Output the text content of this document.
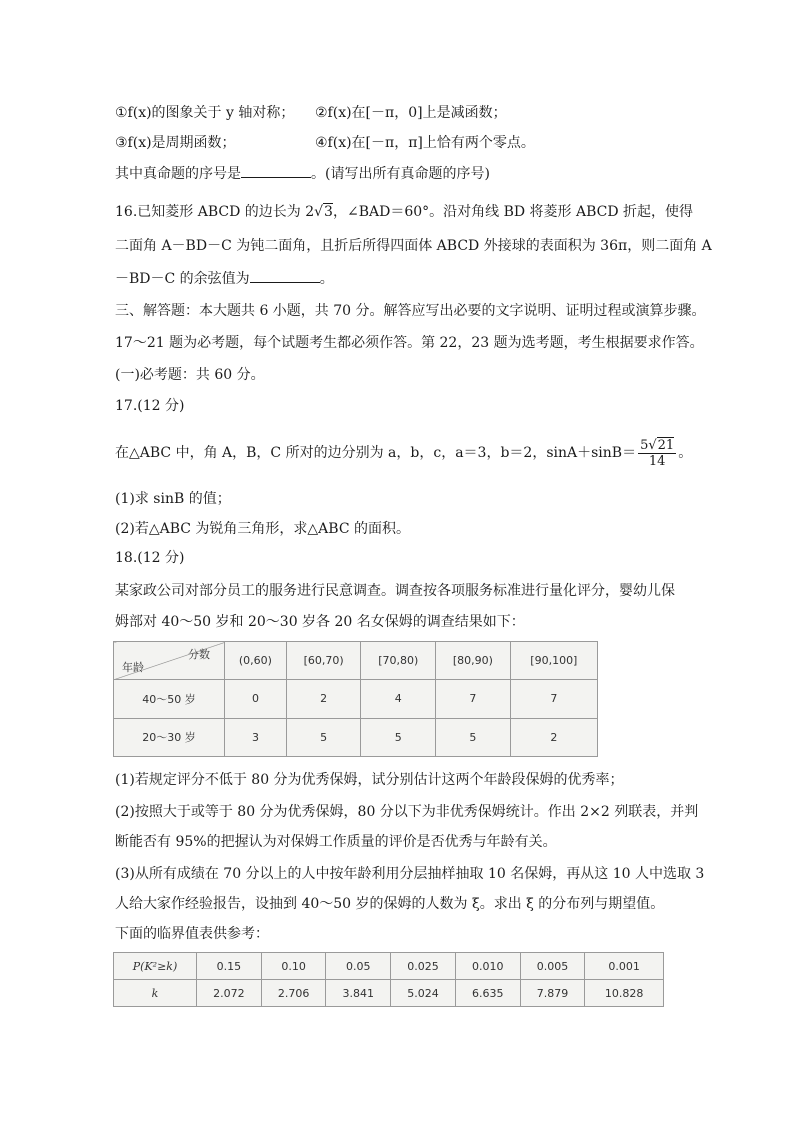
①f(x)的图象关于 y 轴对称； ②f(x)在[－π，0]上是减函数；
③f(x)是周期函数；	④f(x)在[－π，π]上恰有两个零点。
其中真命题的序号是	。(请写出所有真命题的序号)
16.已知菱形 ABCD 的边长为 2√3，∠BAD＝60°。沿对角线 BD 将菱形 ABCD 折起，使得
二面角 A－BD－C 为钝二面角，且折后所得四面体 ABCD 外接球的表面积为 36π，则二面角 A
－BD－C 的余弦值为	。
三、解答题：本大题共 6 小题，共 70 分。解答应写出必要的文字说明、证明过程或演算步骤。
17～21 题为必考题，每个试题考生都必须作答。第 22，23 题为选考题，考生根据要求作答。
(一)必考题：共 60 分。
17.(12 分)
在△ABC 中，角 A，B，C 所对的边分别为 a，b，c，a＝3，b＝2，$\sin A+\sin B= \frac{5√21}{14}$ 。
(1)求 sinB 的值；
(2)若△ABC 为锐角三角形，求△ABC 的面积。
18.(12 分)
某家政公司对部分员工的服务进行民意调查。调查按各项服务标准进行量化评分，婴幼儿保
姆部对 40～50 岁和 20～30 岁各 20 名女保姆的调查结果如下：
分数
年龄	(0,60)	[60,70)	[70,80)	[80,90)	[90,100]
40～50 岁	0	2	4	7	7
20～30 岁	3	5	5	5	2
(1)若规定评分不低于 80 分为优秀保姆，试分别估计这两个年龄段保姆的优秀率；
(2)按照大于或等于 80 分为优秀保姆，80 分以下为非优秀保姆统计。作出 2×2 列联表，并判
断能否有 95%的把握认为对保姆工作质量的评价是否优秀与年龄有关。
(3)从所有成绩在 70 分以上的人中按年龄利用分层抽样抽取 10 名保姆，再从这 10 人中选取 3
人给大家作经验报告，设抽到 40～50 岁的保姆的人数为 ξ。求出 ξ 的分布列与期望值。
下面的临界值表供参考：
P(K²≥k)	0.15	0.10	0.05	0.025	0.010	0.005	0.001
k	2.072	2.706	3.841	5.024	6.635	7.879	10.828
